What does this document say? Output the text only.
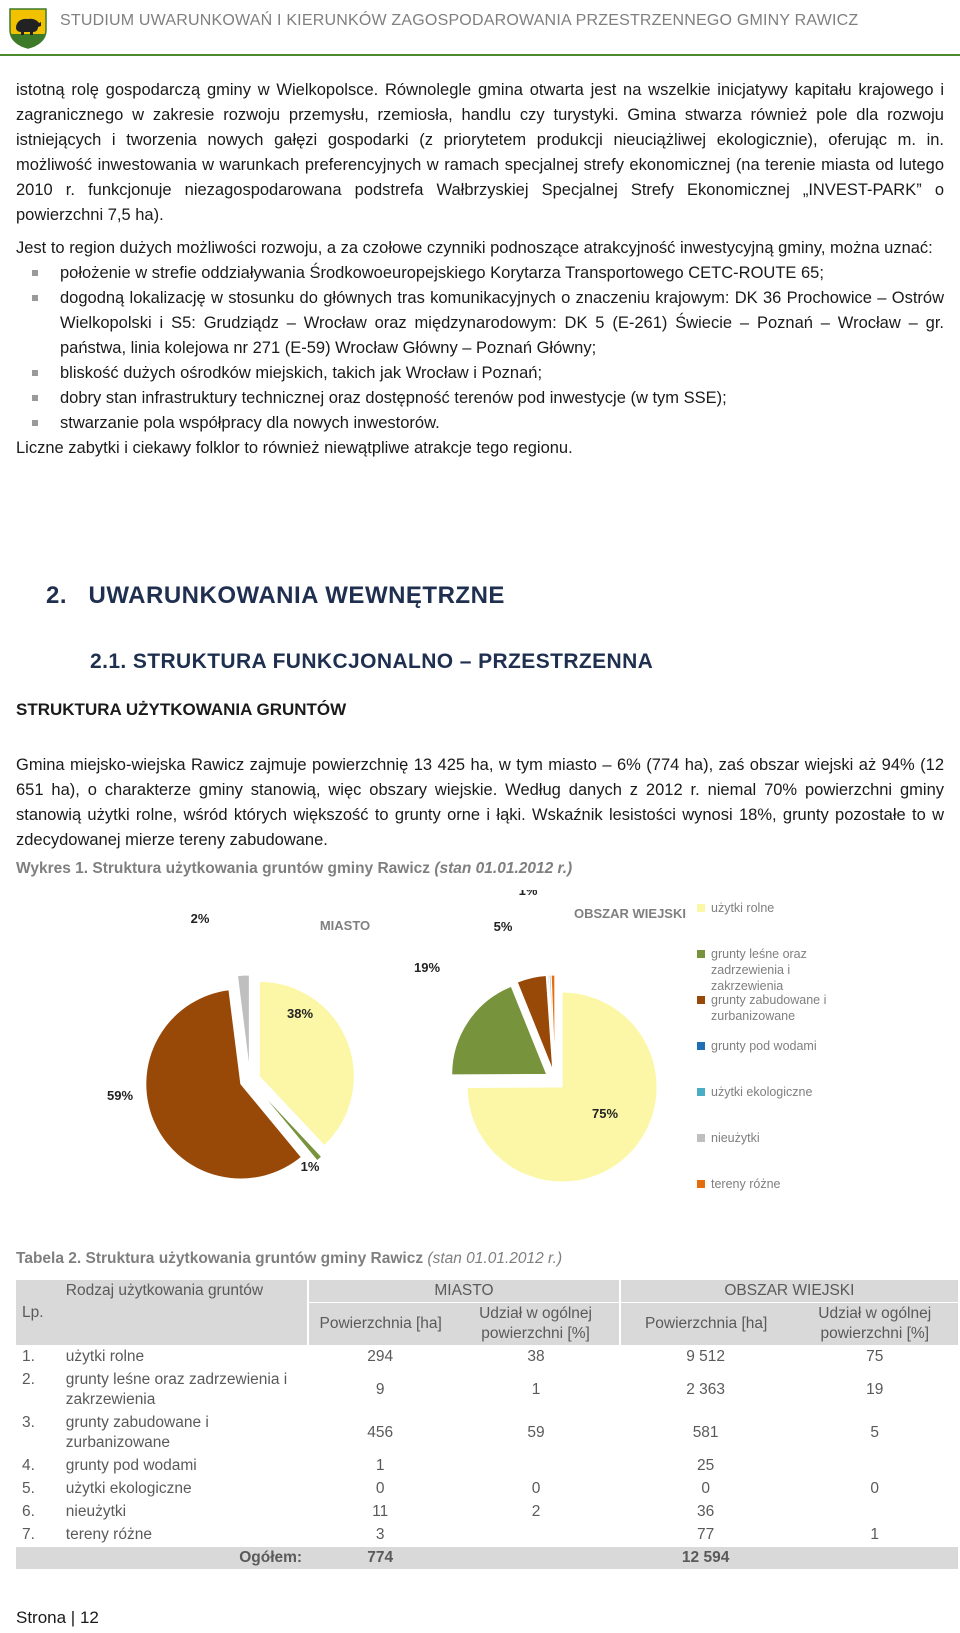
STUDIUM UWARUNKOWAŃ I KIERUNKÓW ZAGOSPODAROWANIA PRZESTRZENNEGO GMINY RAWICZ

istotną rolę gospodarczą gminy w Wielkopolsce. Równolegle gmina otwarta jest na wszelkie inicjatywy kapitału krajowego i zagranicznego w zakresie rozwoju przemysłu, rzemiosła, handlu czy turystyki. Gmina stwarza również pole dla rozwoju istniejących i tworzenia nowych gałęzi gospodarki (z priorytetem produkcji nieuciążliwej ekologicznie), oferując m. in. możliwość inwestowania w warunkach preferencyjnych w ramach specjalnej strefy ekonomicznej (na terenie miasta od lutego 2010 r. funkcjonuje niezagospodarowana podstrefa Wałbrzyskiej Specjalnej Strefy Ekonomicznej „INVEST-PARK” o powierzchni 7,5 ha).

Jest to region dużych możliwości rozwoju, a za czołowe czynniki podnoszące atrakcyjność inwestycyjną gminy, można uznać:

położenie w strefie oddziaływania Środkowoeuropejskiego Korytarza Transportowego CETC-ROUTE 65;
dogodną lokalizację w stosunku do głównych tras komunikacyjnych o znaczeniu krajowym: DK 36 Prochowice – Ostrów Wielkopolski i S5: Grudziądz – Wrocław oraz międzynarodowym: DK 5 (E-261) Świecie – Poznań – Wrocław – gr. państwa, linia kolejowa nr 271 (E-59) Wrocław Główny – Poznań Główny;
bliskość dużych ośrodków miejskich, takich jak Wrocław i Poznań;
dobry stan infrastruktury technicznej oraz dostępność terenów pod inwestycje (w tym SSE);
stwarzanie pola współpracy dla nowych inwestorów.

Liczne zabytki i ciekawy folklor to również niewątpliwe atrakcje tego regionu.

2.   UWARUNKOWANIA WEWNĘTRZNE
2.1. STRUKTURA FUNKCJONALNO – PRZESTRZENNA
STRUKTURA UŻYTKOWANIA GRUNTÓW

Gmina miejsko-wiejska Rawicz zajmuje powierzchnię 13 425 ha, w tym miasto – 6% (774 ha), zaś obszar wiejski aż 94% (12 651 ha), o charakterze gminy stanowią, więc obszary wiejskie. Według danych z 2012 r. niemal 70% powierzchni gminy stanowią użytki rolne, wśród których większość to grunty orne i łąki. Wskaźnik lesistości wynosi 18%, grunty pozostałe to w zdecydowanej mierze tereny zabudowane.

Wykres 1. Struktura użytkowania gruntów gminy Rawicz (stan 01.01.2012 r.)
MIASTO
38%
1%
59%
2%	OBSZAR WIEJSKI
75%
19%
5%
1%
użytki rolne
grunty leśne oraz
zadrzewienia i
zakrzewienia
grunty zabudowane i
zurbanizowane
grunty pod wodami
użytki ekologiczne
nieużytki
tereny różne
Tabela 2. Struktura użytkowania gruntów gminy Rawicz (stan 01.01.2012 r.)
Lp.	Rodzaj użytkowania gruntów	MIASTO		OBSZAR WIEJSKI	
		Powierzchnia [ha]	Udział w ogólnej powierzchni [%]	Powierzchnia [ha]	Udział w ogólnej powierzchni [%]
1.	użytki rolne	294	38	9 512	75
2.	grunty leśne oraz zadrzewienia i zakrzewienia	9	1	2 363	19
3.	grunty zabudowane i zurbanizowane	456	59	581	5
4.	grunty pod wodami	1		25	
5.	użytki ekologiczne	0	0	0	0
6.	nieużytki	11	2	36	
7.	tereny różne	3		77	1
	Ogółem:	774		12 594	
Strona | 12
